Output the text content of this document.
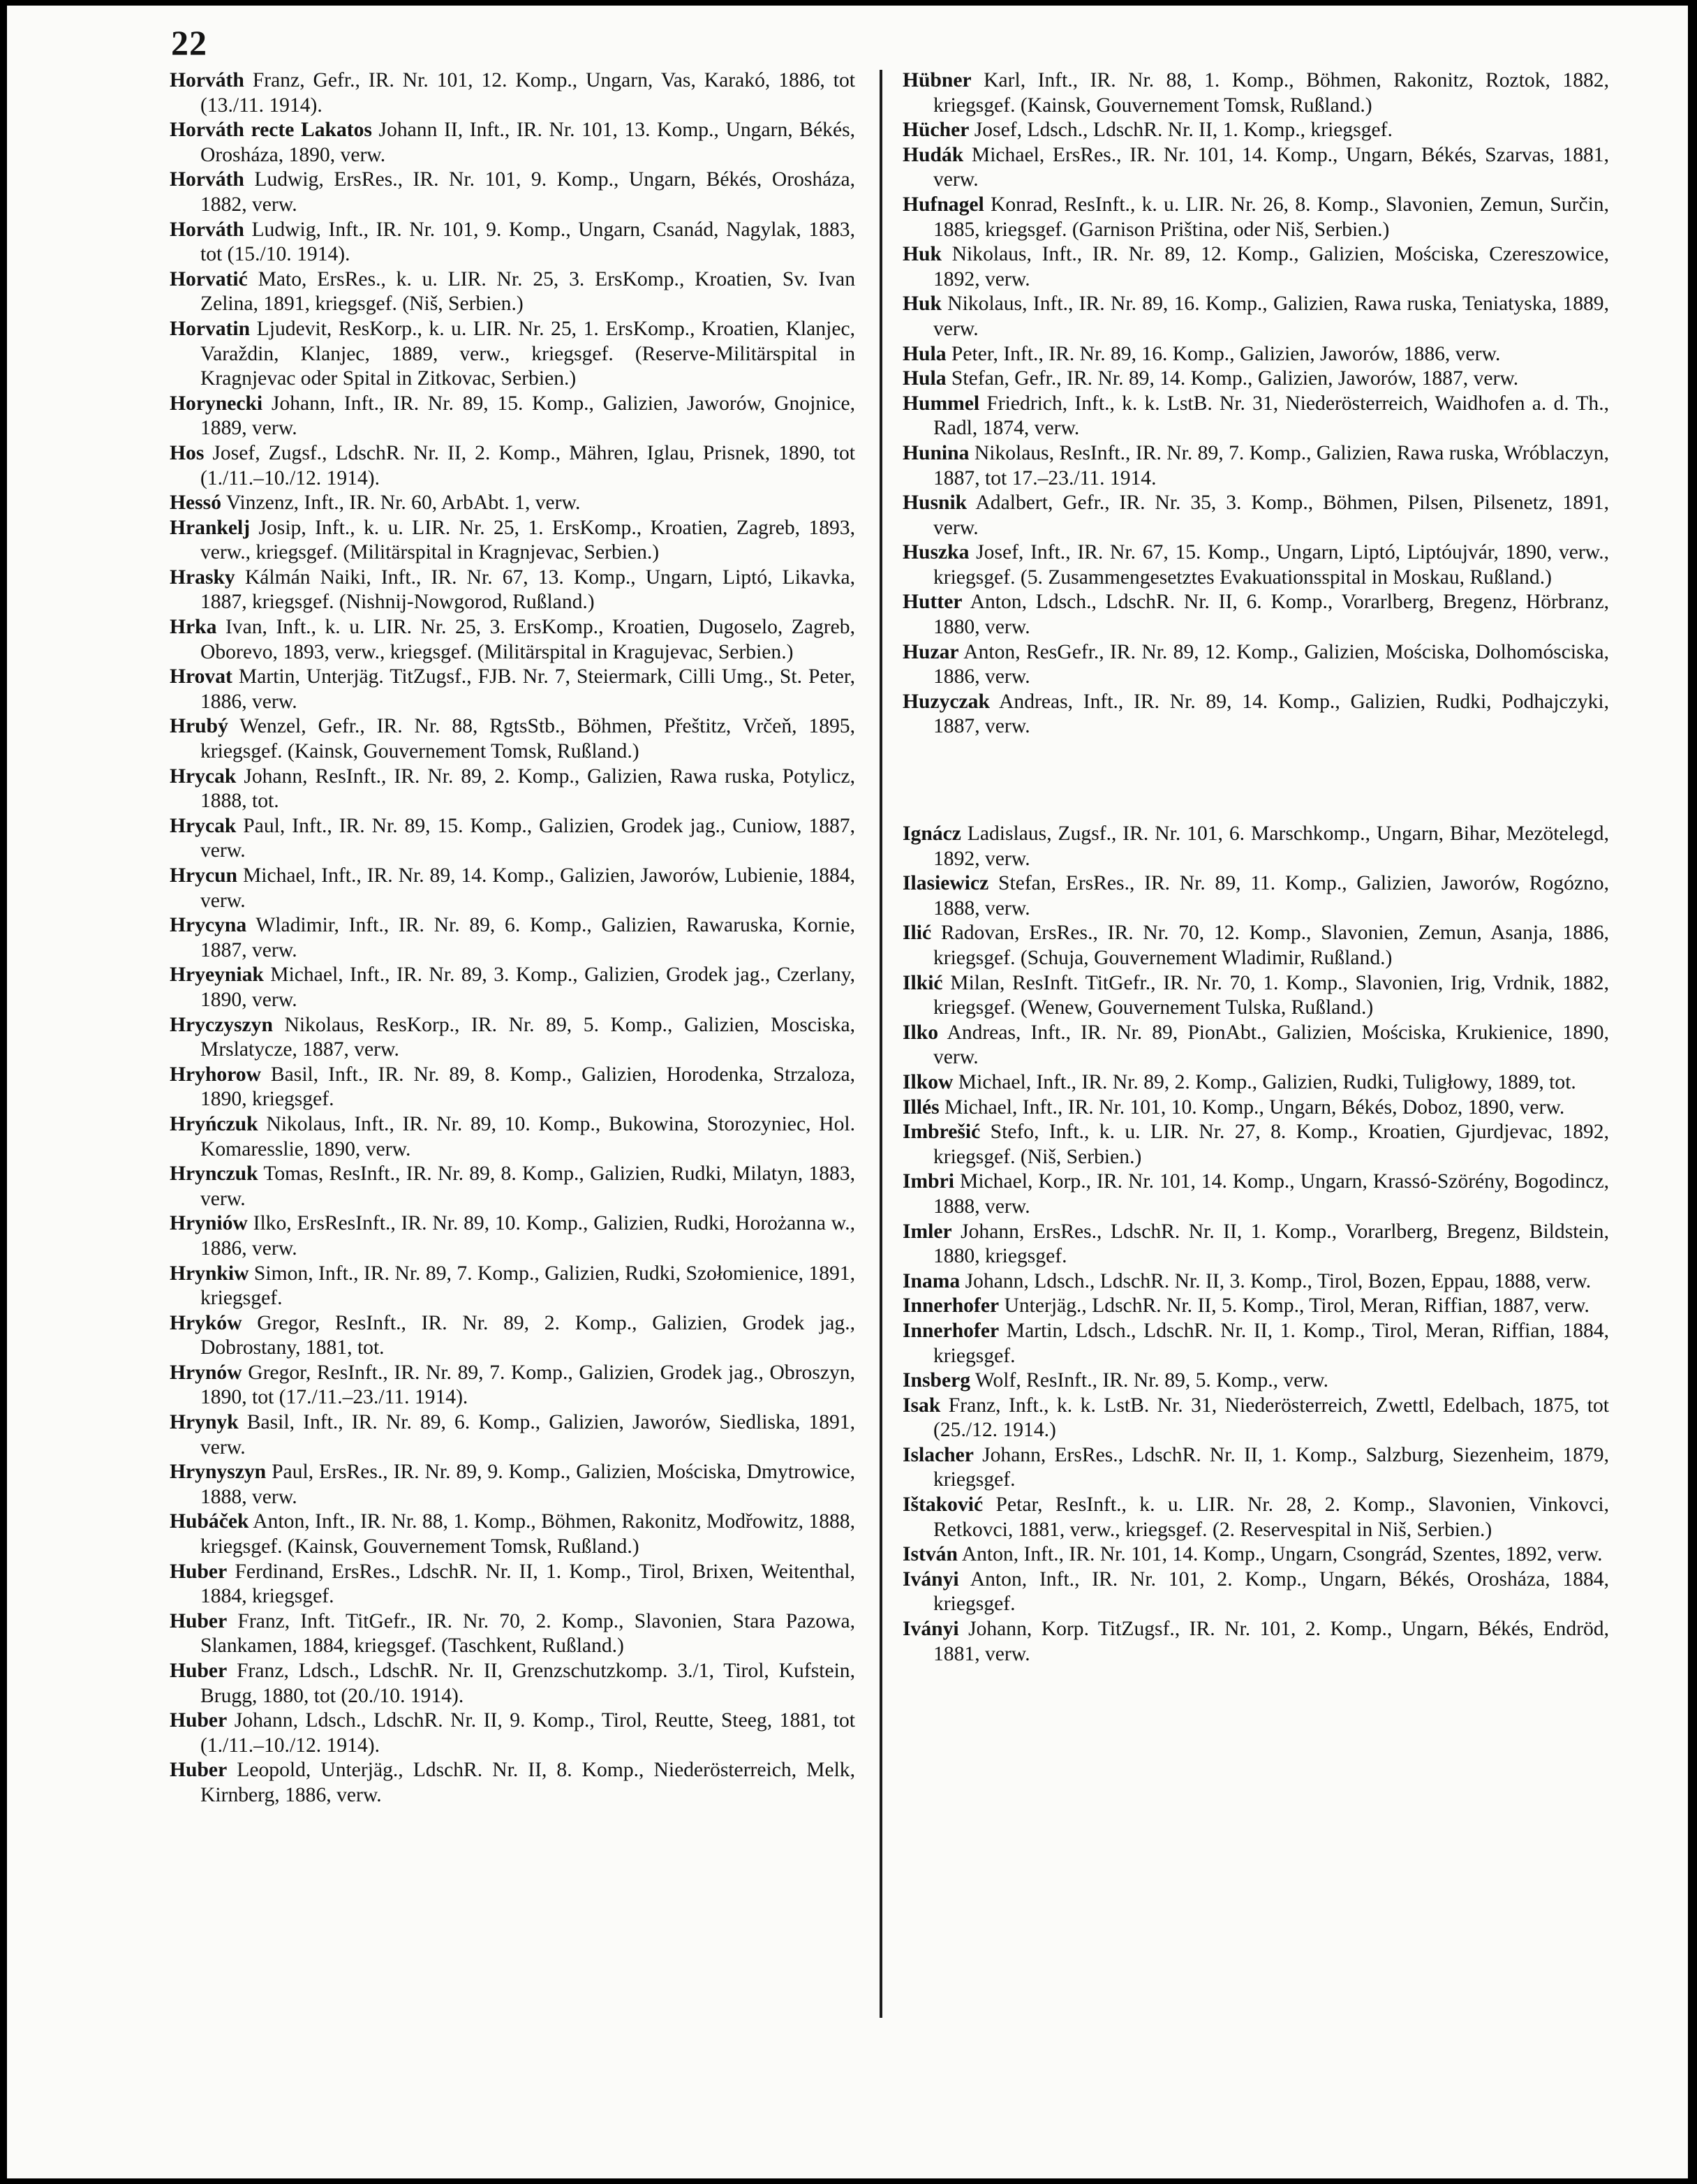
22

Horváth Franz, Gefr., IR. Nr. 101, 12. Komp., Ungarn, Vas, Karakó, 1886, tot (13./11. 1914).

Horváth recte Lakatos Johann II, Inft., IR. Nr. 101, 13. Komp., Ungarn, Békés, Orosháza, 1890, verw.

Horváth Ludwig, ErsRes., IR. Nr. 101, 9. Komp., Ungarn, Békés, Orosháza, 1882, verw.

Horváth Ludwig, Inft., IR. Nr. 101, 9. Komp., Ungarn, Csanád, Nagylak, 1883, tot (15./10. 1914).

Horvatić Mato, ErsRes., k. u. LIR. Nr. 25, 3. ErsKomp., Kroatien, Sv. Ivan Zelina, 1891, kriegsgef. (Niš, Serbien.)

Horvatin Ljudevit, ResKorp., k. u. LIR. Nr. 25, 1. ErsKomp., Kroatien, Klanjec, Varaždin, Klanjec, 1889, verw., kriegsgef. (Reserve-Militärspital in Kragnjevac oder Spital in Zitkovac, Serbien.)

Horynecki Johann, Inft., IR. Nr. 89, 15. Komp., Galizien, Jaworów, Gnojnice, 1889, verw.

Hos Josef, Zugsf., LdschR. Nr. II, 2. Komp., Mähren, Iglau, Prisnek, 1890, tot (1./11.–10./12. 1914).

Hessó Vinzenz, Inft., IR. Nr. 60, ArbAbt. 1, verw.

Hrankelj Josip, Inft., k. u. LIR. Nr. 25, 1. ErsKomp., Kroatien, Zagreb, 1893, verw., kriegsgef. (Militärspital in Kragnjevac, Serbien.)

Hrasky Kálmán Naiki, Inft., IR. Nr. 67, 13. Komp., Ungarn, Liptó, Likavka, 1887, kriegsgef. (Nishnij-Nowgorod, Rußland.)

Hrka Ivan, Inft., k. u. LIR. Nr. 25, 3. ErsKomp., Kroatien, Dugoselo, Zagreb, Oborevo, 1893, verw., kriegsgef. (Militärspital in Kragujevac, Serbien.)

Hrovat Martin, Unterjäg. TitZugsf., FJB. Nr. 7, Steiermark, Cilli Umg., St. Peter, 1886, verw.

Hrubý Wenzel, Gefr., IR. Nr. 88, RgtsStb., Böhmen, Přeštitz, Vrčeň, 1895, kriegsgef. (Kainsk, Gouvernement Tomsk, Rußland.)

Hrycak Johann, ResInft., IR. Nr. 89, 2. Komp., Galizien, Rawa ruska, Potylicz, 1888, tot.

Hrycak Paul, Inft., IR. Nr. 89, 15. Komp., Galizien, Grodek jag., Cuniow, 1887, verw.

Hrycun Michael, Inft., IR. Nr. 89, 14. Komp., Galizien, Jaworów, Lubienie, 1884, verw.

Hrycyna Wladimir, Inft., IR. Nr. 89, 6. Komp., Galizien, Rawaruska, Kornie, 1887, verw.

Hryeyniak Michael, Inft., IR. Nr. 89, 3. Komp., Galizien, Grodek jag., Czerlany, 1890, verw.

Hryczyszyn Nikolaus, ResKorp., IR. Nr. 89, 5. Komp., Galizien, Mosciska, Mrslatycze, 1887, verw.

Hryhorow Basil, Inft., IR. Nr. 89, 8. Komp., Galizien, Horodenka, Strzaloza, 1890, kriegsgef.

Hryńczuk Nikolaus, Inft., IR. Nr. 89, 10. Komp., Bukowina, Storozyniec, Hol. Komaresslie, 1890, verw.

Hrynczuk Tomas, ResInft., IR. Nr. 89, 8. Komp., Galizien, Rudki, Milatyn, 1883, verw.

Hryniów Ilko, ErsResInft., IR. Nr. 89, 10. Komp., Galizien, Rudki, Horożanna w., 1886, verw.

Hrynkiw Simon, Inft., IR. Nr. 89, 7. Komp., Galizien, Rudki, Szołomienice, 1891, kriegsgef.

Hryków Gregor, ResInft., IR. Nr. 89, 2. Komp., Galizien, Grodek jag., Dobrostany, 1881, tot.

Hrynów Gregor, ResInft., IR. Nr. 89, 7. Komp., Galizien, Grodek jag., Obroszyn, 1890, tot (17./11.–23./11. 1914).

Hrynyk Basil, Inft., IR. Nr. 89, 6. Komp., Galizien, Jaworów, Siedliska, 1891, verw.

Hrynyszyn Paul, ErsRes., IR. Nr. 89, 9. Komp., Galizien, Mościska, Dmytrowice, 1888, verw.

Hubáček Anton, Inft., IR. Nr. 88, 1. Komp., Böhmen, Rakonitz, Modřowitz, 1888, kriegsgef. (Kainsk, Gouvernement Tomsk, Rußland.)

Huber Ferdinand, ErsRes., LdschR. Nr. II, 1. Komp., Tirol, Brixen, Weitenthal, 1884, kriegsgef.

Huber Franz, Inft. TitGefr., IR. Nr. 70, 2. Komp., Slavonien, Stara Pazowa, Slankamen, 1884, kriegsgef. (Taschkent, Rußland.)

Huber Franz, Ldsch., LdschR. Nr. II, Grenzschutzkomp. 3./1, Tirol, Kufstein, Brugg, 1880, tot (20./10. 1914).

Huber Johann, Ldsch., LdschR. Nr. II, 9. Komp., Tirol, Reutte, Steeg, 1881, tot (1./11.–10./12. 1914).

Huber Leopold, Unterjäg., LdschR. Nr. II, 8. Komp., Niederösterreich, Melk, Kirnberg, 1886, verw.

Hübner Karl, Inft., IR. Nr. 88, 1. Komp., Böhmen, Rakonitz, Roztok, 1882, kriegsgef. (Kainsk, Gouvernement Tomsk, Rußland.)

Hücher Josef, Ldsch., LdschR. Nr. II, 1. Komp., kriegsgef.

Hudák Michael, ErsRes., IR. Nr. 101, 14. Komp., Ungarn, Békés, Szarvas, 1881, verw.

Hufnagel Konrad, ResInft., k. u. LIR. Nr. 26, 8. Komp., Slavonien, Zemun, Surčin, 1885, kriegsgef. (Garnison Priština, oder Niš, Serbien.)

Huk Nikolaus, Inft., IR. Nr. 89, 12. Komp., Galizien, Mościska, Czereszowice, 1892, verw.

Huk Nikolaus, Inft., IR. Nr. 89, 16. Komp., Galizien, Rawa ruska, Teniatyska, 1889, verw.

Hula Peter, Inft., IR. Nr. 89, 16. Komp., Galizien, Jaworów, 1886, verw.

Hula Stefan, Gefr., IR. Nr. 89, 14. Komp., Galizien, Jaworów, 1887, verw.

Hummel Friedrich, Inft., k. k. LstB. Nr. 31, Niederösterreich, Waidhofen a. d. Th., Radl, 1874, verw.

Hunina Nikolaus, ResInft., IR. Nr. 89, 7. Komp., Galizien, Rawa ruska, Wróblaczyn, 1887, tot 17.–23./11. 1914.

Husnik Adalbert, Gefr., IR. Nr. 35, 3. Komp., Böhmen, Pilsen, Pilsenetz, 1891, verw.

Huszka Josef, Inft., IR. Nr. 67, 15. Komp., Ungarn, Liptó, Liptóujvár, 1890, verw., kriegsgef. (5. Zusammengesetztes Evakuationsspital in Moskau, Rußland.)

Hutter Anton, Ldsch., LdschR. Nr. II, 6. Komp., Vorarlberg, Bregenz, Hörbranz, 1880, verw.

Huzar Anton, ResGefr., IR. Nr. 89, 12. Komp., Galizien, Mościska, Dolhomósciska, 1886, verw.

Huzyczak Andreas, Inft., IR. Nr. 89, 14. Komp., Galizien, Rudki, Podhajczyki, 1887, verw.

Ignácz Ladislaus, Zugsf., IR. Nr. 101, 6. Marschkomp., Ungarn, Bihar, Mezötelegd, 1892, verw.

Ilasiewicz Stefan, ErsRes., IR. Nr. 89, 11. Komp., Galizien, Jaworów, Rogózno, 1888, verw.

Ilić Radovan, ErsRes., IR. Nr. 70, 12. Komp., Slavonien, Zemun, Asanja, 1886, kriegsgef. (Schuja, Gouvernement Wladimir, Rußland.)

Ilkić Milan, ResInft. TitGefr., IR. Nr. 70, 1. Komp., Slavonien, Irig, Vrdnik, 1882, kriegsgef. (Wenew, Gouvernement Tulska, Rußland.)

Ilko Andreas, Inft., IR. Nr. 89, PionAbt., Galizien, Mościska, Krukienice, 1890, verw.

Ilkow Michael, Inft., IR. Nr. 89, 2. Komp., Galizien, Rudki, Tuligłowy, 1889, tot.

Illés Michael, Inft., IR. Nr. 101, 10. Komp., Ungarn, Békés, Doboz, 1890, verw.

Imbrešić Stefo, Inft., k. u. LIR. Nr. 27, 8. Komp., Kroatien, Gjurdjevac, 1892, kriegsgef. (Niš, Serbien.)

Imbri Michael, Korp., IR. Nr. 101, 14. Komp., Ungarn, Krassó-Szörény, Bogodincz, 1888, verw.

Imler Johann, ErsRes., LdschR. Nr. II, 1. Komp., Vorarlberg, Bregenz, Bildstein, 1880, kriegsgef.

Inama Johann, Ldsch., LdschR. Nr. II, 3. Komp., Tirol, Bozen, Eppau, 1888, verw.

Innerhofer Unterjäg., LdschR. Nr. II, 5. Komp., Tirol, Meran, Riffian, 1887, verw.

Innerhofer Martin, Ldsch., LdschR. Nr. II, 1. Komp., Tirol, Meran, Riffian, 1884, kriegsgef.

Insberg Wolf, ResInft., IR. Nr. 89, 5. Komp., verw.

Isak Franz, Inft., k. k. LstB. Nr. 31, Niederösterreich, Zwettl, Edelbach, 1875, tot (25./12. 1914.)

Islacher Johann, ErsRes., LdschR. Nr. II, 1. Komp., Salzburg, Siezenheim, 1879, kriegsgef.

Ištaković Petar, ResInft., k. u. LIR. Nr. 28, 2. Komp., Slavonien, Vinkovci, Retkovci, 1881, verw., kriegsgef. (2. Reservespital in Niš, Serbien.)

István Anton, Inft., IR. Nr. 101, 14. Komp., Ungarn, Csongrád, Szentes, 1892, verw.

Iványi Anton, Inft., IR. Nr. 101, 2. Komp., Ungarn, Békés, Orosháza, 1884, kriegsgef.

Iványi Johann, Korp. TitZugsf., IR. Nr. 101, 2. Komp., Ungarn, Békés, Endröd, 1881, verw.
